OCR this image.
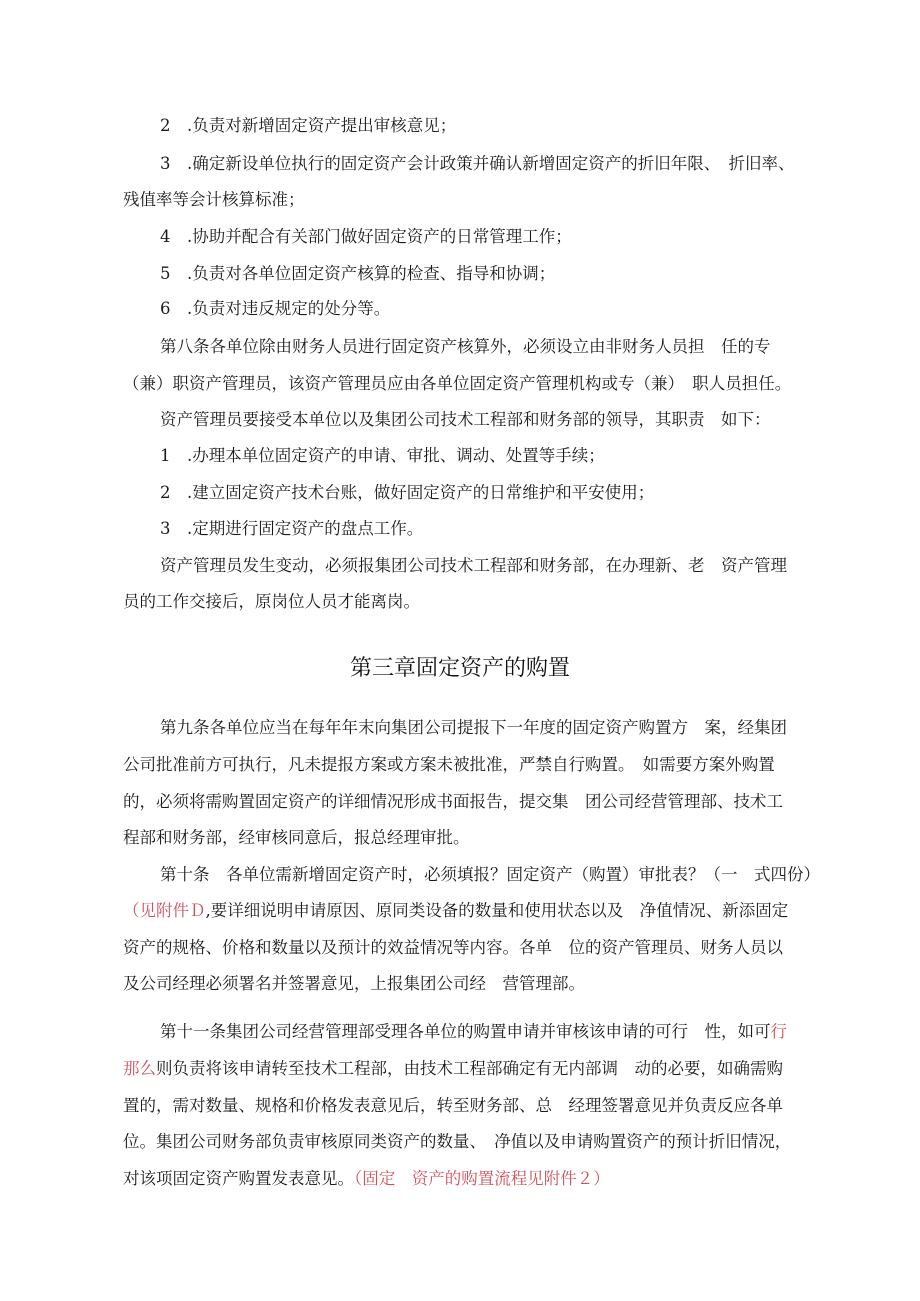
2　.负责对新增固定资产提出审核意见；
3　.确定新设单位执行的固定资产会计政策并确认新增固定资产的折旧年限、　折旧率、
残值率等会计核算标准；
4　.协助并配合有关部门做好固定资产的日常管理工作；
5　.负责对各单位固定资产核算的检查、指导和协调；
6　.负责对违反规定的处分等。
第八条各单位除由财务人员进行固定资产核算外，必须设立由非财务人员担　任的专
（兼）职资产管理员，该资产管理员应由各单位固定资产管理机构或专（兼）　职人员担任。
资产管理员要接受本单位以及集团公司技术工程部和财务部的领导，其职责　如下：
1　.办理本单位固定资产的申请、审批、调动、处置等手续；
2　.建立固定资产技术台账，做好固定资产的日常维护和平安使用；
3　.定期进行固定资产的盘点工作。
资产管理员发生变动，必须报集团公司技术工程部和财务部，在办理新、老　资产管理
员的工作交接后，原岗位人员才能离岗。
第三章固定资产的购置
第九条各单位应当在每年年末向集团公司提报下一年度的固定资产购置方　案，经集团
公司批准前方可执行，凡未提报方案或方案未被批准，严禁自行购置。　如需要方案外购置
的，必须将需购置固定资产的详细情况形成书面报告，提交集　团公司经营管理部、技术工
程部和财务部，经审核同意后，报总经理审批。
第十条　各单位需新增固定资产时，必须填报？固定资产（购置）审批表？（一　式四份）
（见附件Ｄ,要详细说明申请原因、原同类设备的数量和使用状态以及　净值情况、新添固定
资产的规格、价格和数量以及预计的效益情况等内容。各单　位的资产管理员、财务人员以
及公司经理必须署名并签署意见，上报集团公司经　营管理部。
第十一条集团公司经营管理部受理各单位的购置申请并审核该申请的可行　性，如可行
那么则负责将该申请转至技术工程部，由技术工程部确定有无内部调　动的必要，如确需购
置的，需对数量、规格和价格发表意见后，转至财务部、总　经理签署意见并负责反应各单
位。集团公司财务部负责审核原同类资产的数量、　净值以及申请购置资产的预计折旧情况，
对该项固定资产购置发表意见。（固定　资产的购置流程见附件２）
